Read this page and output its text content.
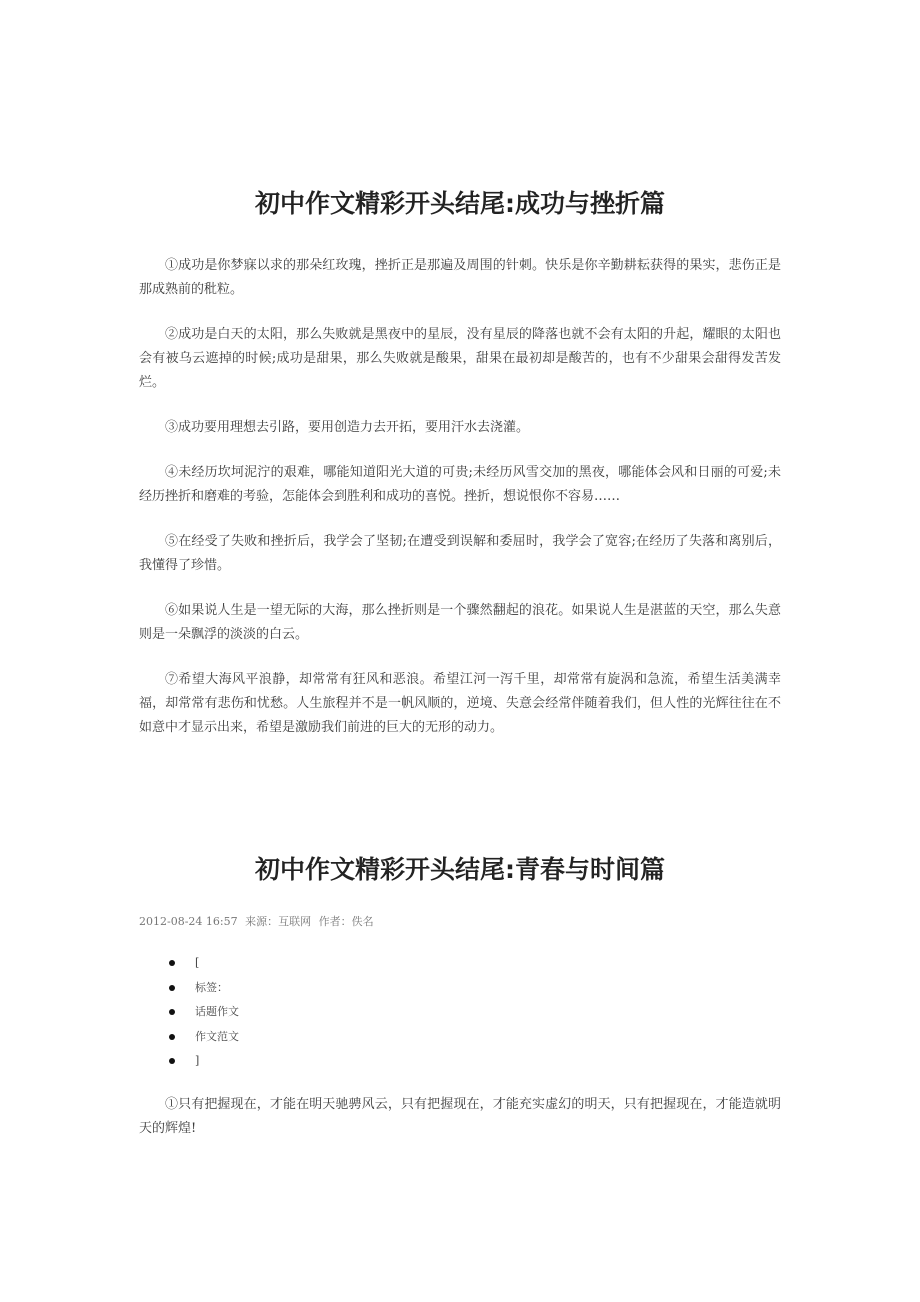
初中作文精彩开头结尾:成功与挫折篇

①成功是你梦寐以求的那朵红玫瑰，挫折正是那遍及周围的针刺。快乐是你辛勤耕耘获得的果实，悲伤正是那成熟前的秕粒。

②成功是白天的太阳，那么失败就是黑夜中的星辰，没有星辰的降落也就不会有太阳的升起，耀眼的太阳也会有被乌云遮掉的时候;成功是甜果，那么失败就是酸果，甜果在最初却是酸苦的，也有不少甜果会甜得发苦发烂。

③成功要用理想去引路，要用创造力去开拓，要用汗水去浇灌。

④未经历坎坷泥泞的艰难，哪能知道阳光大道的可贵;未经历风雪交加的黑夜，哪能体会风和日丽的可爱;未经历挫折和磨难的考验，怎能体会到胜利和成功的喜悦。挫折，想说恨你不容易……

⑤在经受了失败和挫折后，我学会了坚韧;在遭受到误解和委屈时，我学会了宽容;在经历了失落和离别后，我懂得了珍惜。

⑥如果说人生是一望无际的大海，那么挫折则是一个骤然翻起的浪花。如果说人生是湛蓝的天空，那么失意则是一朵飘浮的淡淡的白云。

⑦希望大海风平浪静，却常常有狂风和恶浪。希望江河一泻千里，却常常有旋涡和急流，希望生活美满幸福，却常常有悲伤和忧愁。人生旅程并不是一帆风顺的，逆境、失意会经常伴随着我们，但人性的光辉往往在不如意中才显示出来，希望是激励我们前进的巨大的无形的动力。

初中作文精彩开头结尾:青春与时间篇
2012-08-24 16:57 来源：互联网 作者：佚名
[
标签：
话题作文
作文范文
]

①只有把握现在，才能在明天驰骋风云，只有把握现在，才能充实虚幻的明天，只有把握现在，才能造就明天的辉煌!
